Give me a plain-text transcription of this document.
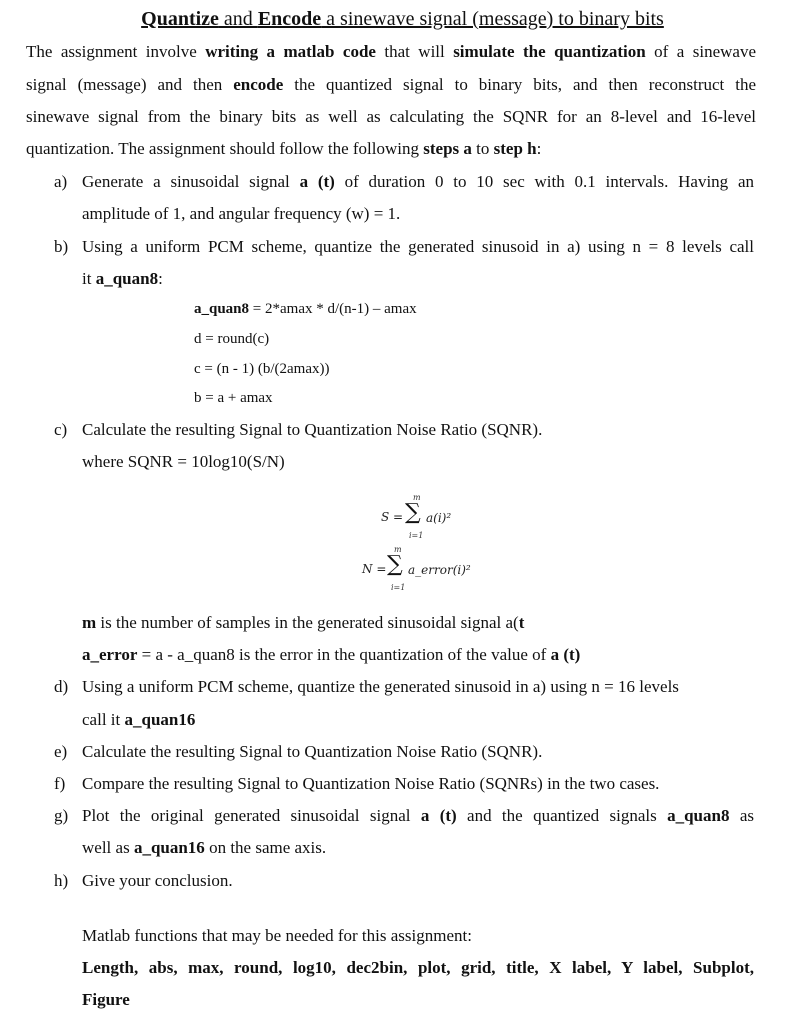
Quantize and Encode a sinewave signal (message) to binary bits
The assignment involve writing a matlab code that will simulate the quantization of a sinewave
signal (message) and then encode the quantized signal to binary bits, and then reconstruct the
sinewave signal from the binary bits as well as calculating the SQNR for an 8-level and 16-level
quantization. The assignment should follow the following steps a to step h:
a) Generate a sinusoidal signal a (t) of duration 0 to 10 sec with 0.1 intervals. Having an
amplitude of 1, and angular frequency (w) = 1.
b) Using a uniform PCM scheme, quantize the generated sinusoid in a) using n = 8 levels call
it a_quan8:
a_quan8 = 2*amax * d/(n-1) – amax
d = round(c)
c = (n - 1) (b/(2amax))
b = a + amax
c) Calculate the resulting Signal to Quantization Noise Ratio (SQNR).
where SQNR = 10log10(S/N)
S =
m
∑
i=1
a(i)²
N =
m
∑
i=1
a_error(i)²
m is the number of samples in the generated sinusoidal signal a(t
a_error = a - a_quan8 is the error in the quantization of the value of a (t)
d) Using a uniform PCM scheme, quantize the generated sinusoid in a) using n = 16 levels
call it a_quan16
e) Calculate the resulting Signal to Quantization Noise Ratio (SQNR).
f) Compare the resulting Signal to Quantization Noise Ratio (SQNRs) in the two cases.
g) Plot the original generated sinusoidal signal a (t) and the quantized signals a_quan8 as
well as a_quan16 on the same axis.
h) Give your conclusion.
Matlab functions that may be needed for this assignment:
Length, abs, max, round, log10, dec2bin, plot, grid, title, X label, Y label, Subplot,
Figure
